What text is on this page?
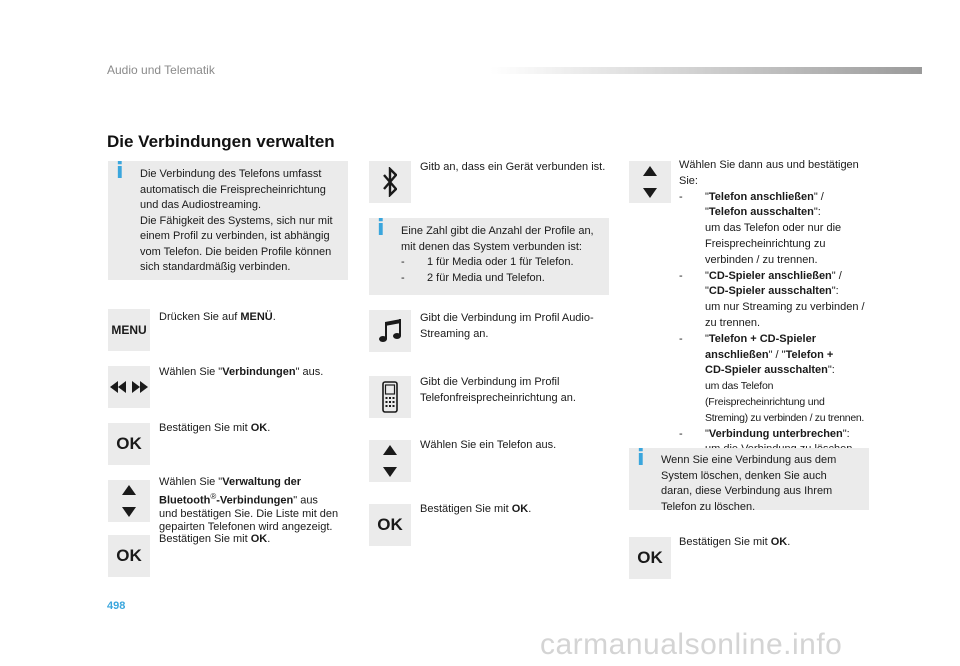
Audio und Telematik
Die Verbindungen verwalten
i Die Verbindung des Telefons umfasst
automatisch die Freisprecheinrichtung
und das Audiostreaming.
Die Fähigkeit des Systems, sich nur mit
einem Profil zu verbinden, ist abhängig
vom Telefon. Die beiden Profile können
sich standardmäßig verbinden.
MENU
Drücken Sie auf MENÜ.
Wählen Sie "Verbindungen" aus.
OK
Bestätigen Sie mit OK.
Wählen Sie "Verwaltung der
Bluetooth®-Verbindungen" aus
und bestätigen Sie. Die Liste mit den
gepairten Telefonen wird angezeigt.
OK
Bestätigen Sie mit OK.
Gitb an, dass ein Gerät verbunden ist.
i Eine Zahl gibt die Anzahl der Profile an,
mit denen das System verbunden ist:
-	1 für Media oder 1 für Telefon.
-	2 für Media und Telefon.
Gibt die Verbindung im Profil Audio-
Streaming an.
Gibt die Verbindung im Profil
Telefonfreisprecheinrichtung an.
Wählen Sie ein Telefon aus.
OK
Bestätigen Sie mit OK.
Wählen Sie dann aus und bestätigen
Sie:
-	"Telefon anschließen" /
"Telefon ausschalten":
um das Telefon oder nur die
Freisprecheinrichtung zu
verbinden / zu trennen.
-	"CD-Spieler anschließen" /
"CD-Spieler ausschalten":
um nur Streaming zu verbinden /
zu trennen.
-	"Telefon + CD-Spieler
anschließen" / "Telefon +
CD-Spieler ausschalten":
um das Telefon
(Freisprecheinrichtung und
Streming) zu verbinden / zu trennen.
-	"Verbindung unterbrechen":
i Wenn Sie eine Verbindung aus dem
System löschen, denken Sie auch
daran, diese Verbindung aus Ihrem
Telefon zu löschen.
OK
Bestätigen Sie mit OK.
498
carmanualsonline.info
